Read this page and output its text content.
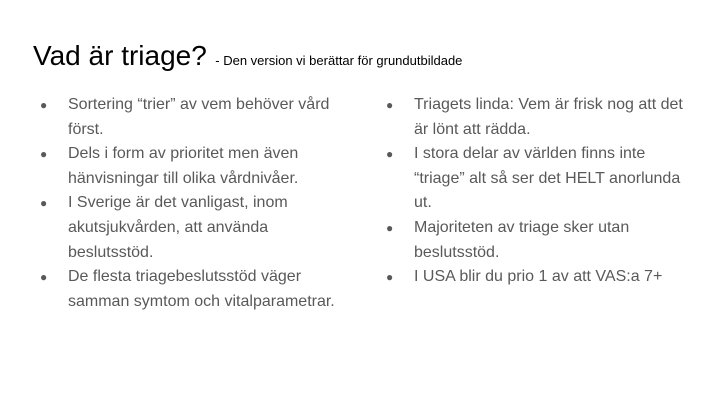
Vad är triage? - Den version vi berättar för grundutbildade
● Sortering “trier” av vem behöver vård först.
● Dels i form av prioritet men även hänvisningar till olika vårdnivåer.
● I Sverige är det vanligast, inom akutsjukvården, att använda beslutsstöd.
● De flesta triagebeslutsstöd väger samman symtom och vitalparametrar.
● Triagets linda: Vem är frisk nog att det är lönt att rädda.
● I stora delar av världen finns inte “triage” alt så ser det HELT anorlunda ut.
● Majoriteten av triage sker utan beslutsstöd.
● I USA blir du prio 1 av att VAS:a 7+
